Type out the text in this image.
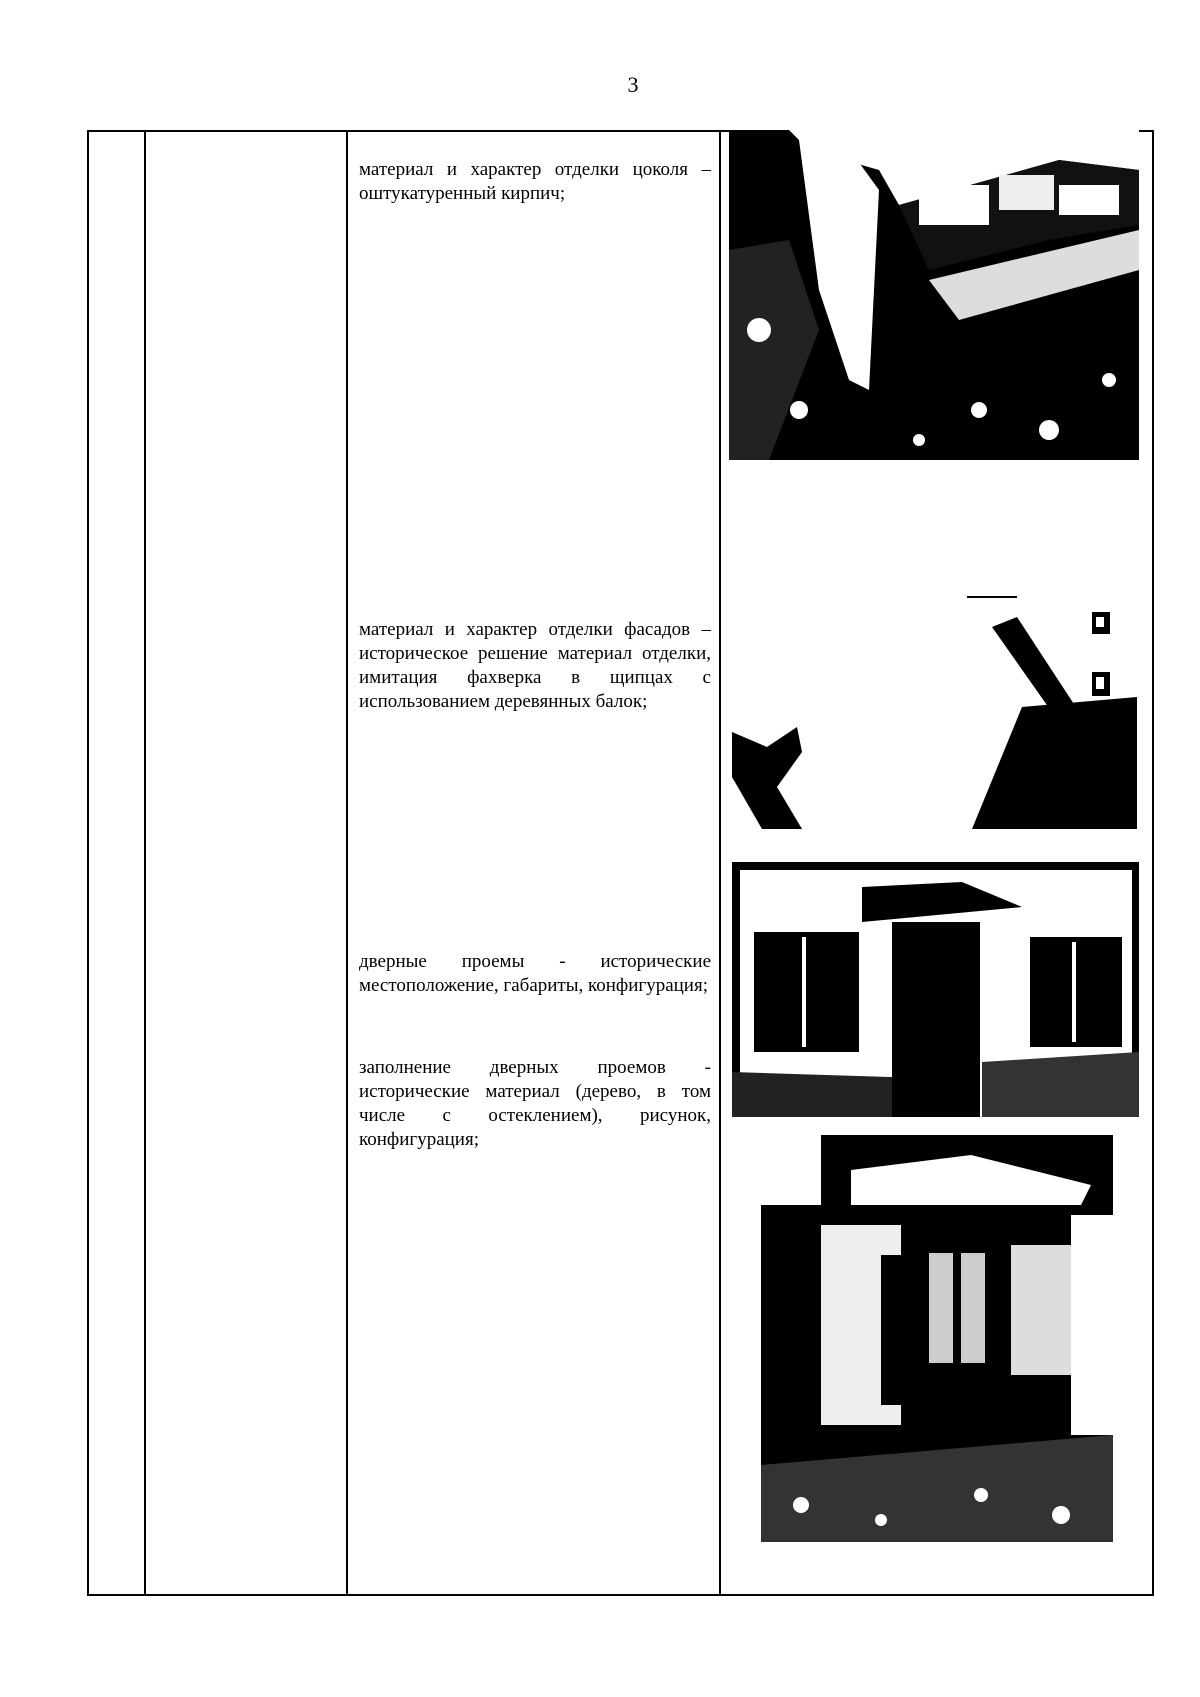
3
материал и характер отделки цоколя – оштукатуренный кирпич;
материал и характер отделки фасадов – историческое решение материал отделки, имитация фахверка в щипцах с использованием деревянных балок;
дверные проемы - исторические местоположение, габариты, конфигурация;
заполнение дверных проемов - исторические материал (дерево, в том числе с остеклением), рисунок, конфигурация;
